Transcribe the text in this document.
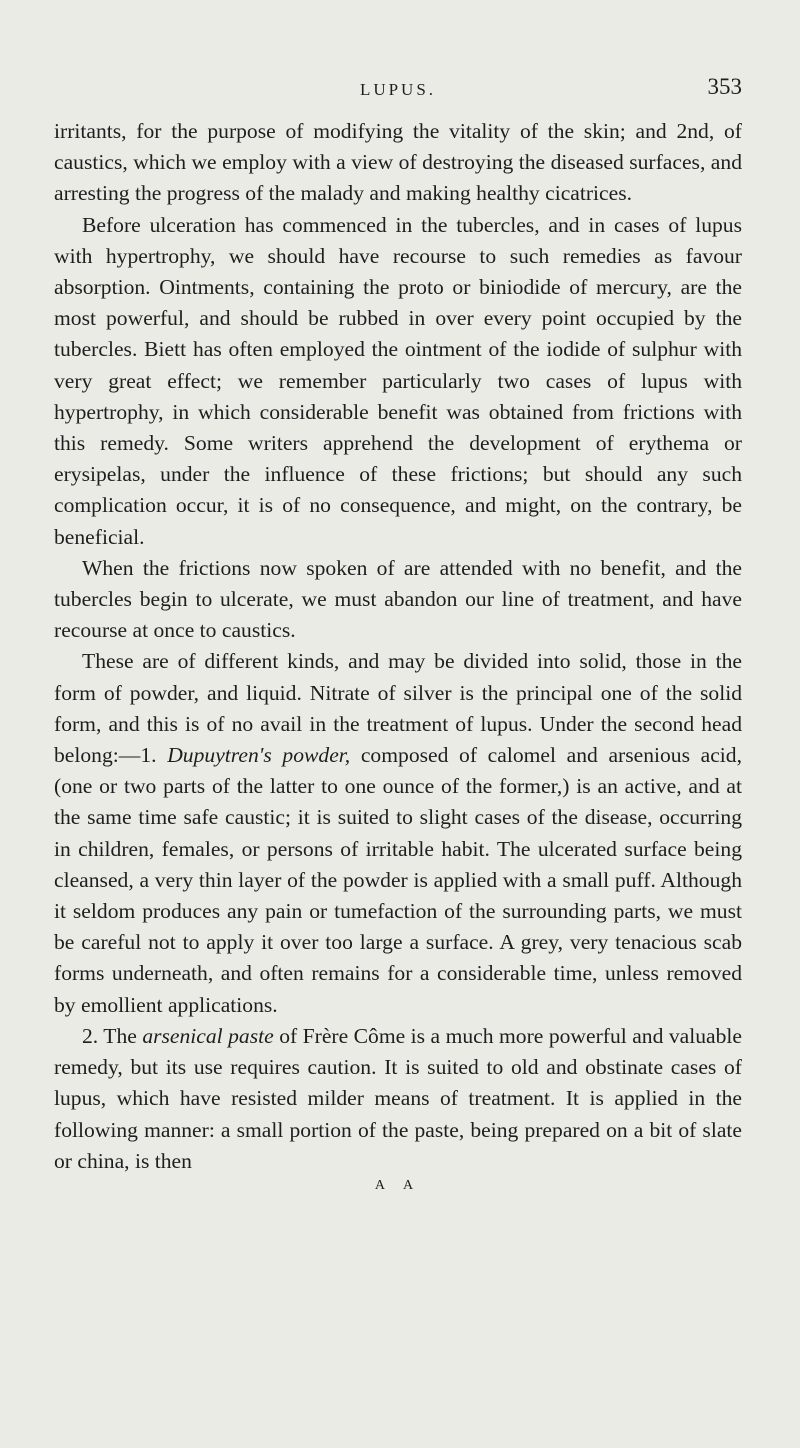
LUPUS.	353

irritants, for the purpose of modifying the vitality of the skin; and 2nd, of caustics, which we employ with a view of destroying the diseased surfaces, and arresting the progress of the malady and making healthy cicatrices.

Before ulceration has commenced in the tubercles, and in cases of lupus with hypertrophy, we should have recourse to such remedies as favour absorption. Ointments, containing the proto or biniodide of mercury, are the most powerful, and should be rubbed in over every point occupied by the tubercles. Biett has often employed the ointment of the iodide of sulphur with very great effect; we remember particularly two cases of lupus with hypertrophy, in which considerable benefit was obtained from frictions with this remedy. Some writers apprehend the development of erythema or erysipelas, under the influence of these frictions; but should any such complication occur, it is of no consequence, and might, on the contrary, be beneficial.

When the frictions now spoken of are attended with no benefit, and the tubercles begin to ulcerate, we must abandon our line of treatment, and have recourse at once to caustics.

These are of different kinds, and may be divided into solid, those in the form of powder, and liquid. Nitrate of silver is the principal one of the solid form, and this is of no avail in the treatment of lupus. Under the second head belong:—1. Dupuytren's powder, composed of calomel and arsenious acid, (one or two parts of the latter to one ounce of the former,) is an active, and at the same time safe caustic; it is suited to slight cases of the disease, occurring in children, females, or persons of irritable habit. The ulcerated surface being cleansed, a very thin layer of the powder is applied with a small puff. Although it seldom produces any pain or tumefaction of the surrounding parts, we must be careful not to apply it over too large a surface. A grey, very tenacious scab forms underneath, and often remains for a considerable time, unless removed by emollient applications.

2. The arsenical paste of Frère Côme is a much more powerful and valuable remedy, but its use requires caution. It is suited to old and obstinate cases of lupus, which have resisted milder means of treatment. It is applied in the following manner: a small portion of the paste, being prepared on a bit of slate or china, is then

A A
